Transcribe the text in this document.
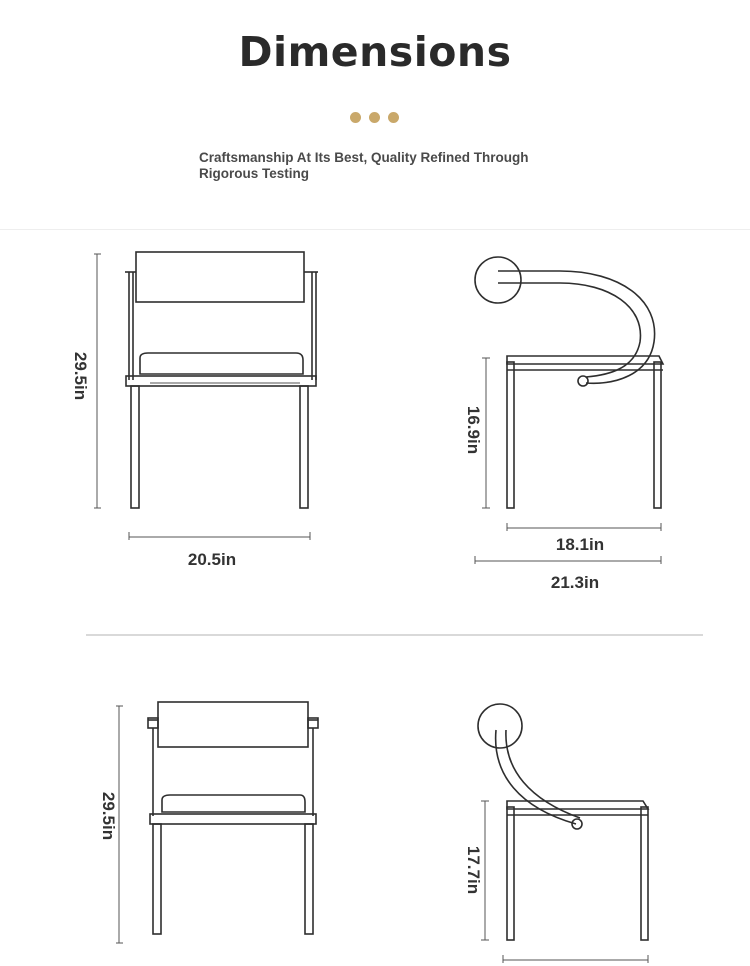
Dimensions
Craftsmanship At Its Best, Quality Refined Through Rigorous Testing
29.5in
20.5in
16.9in
18.1in
21.3in
29.5in
17.7in
